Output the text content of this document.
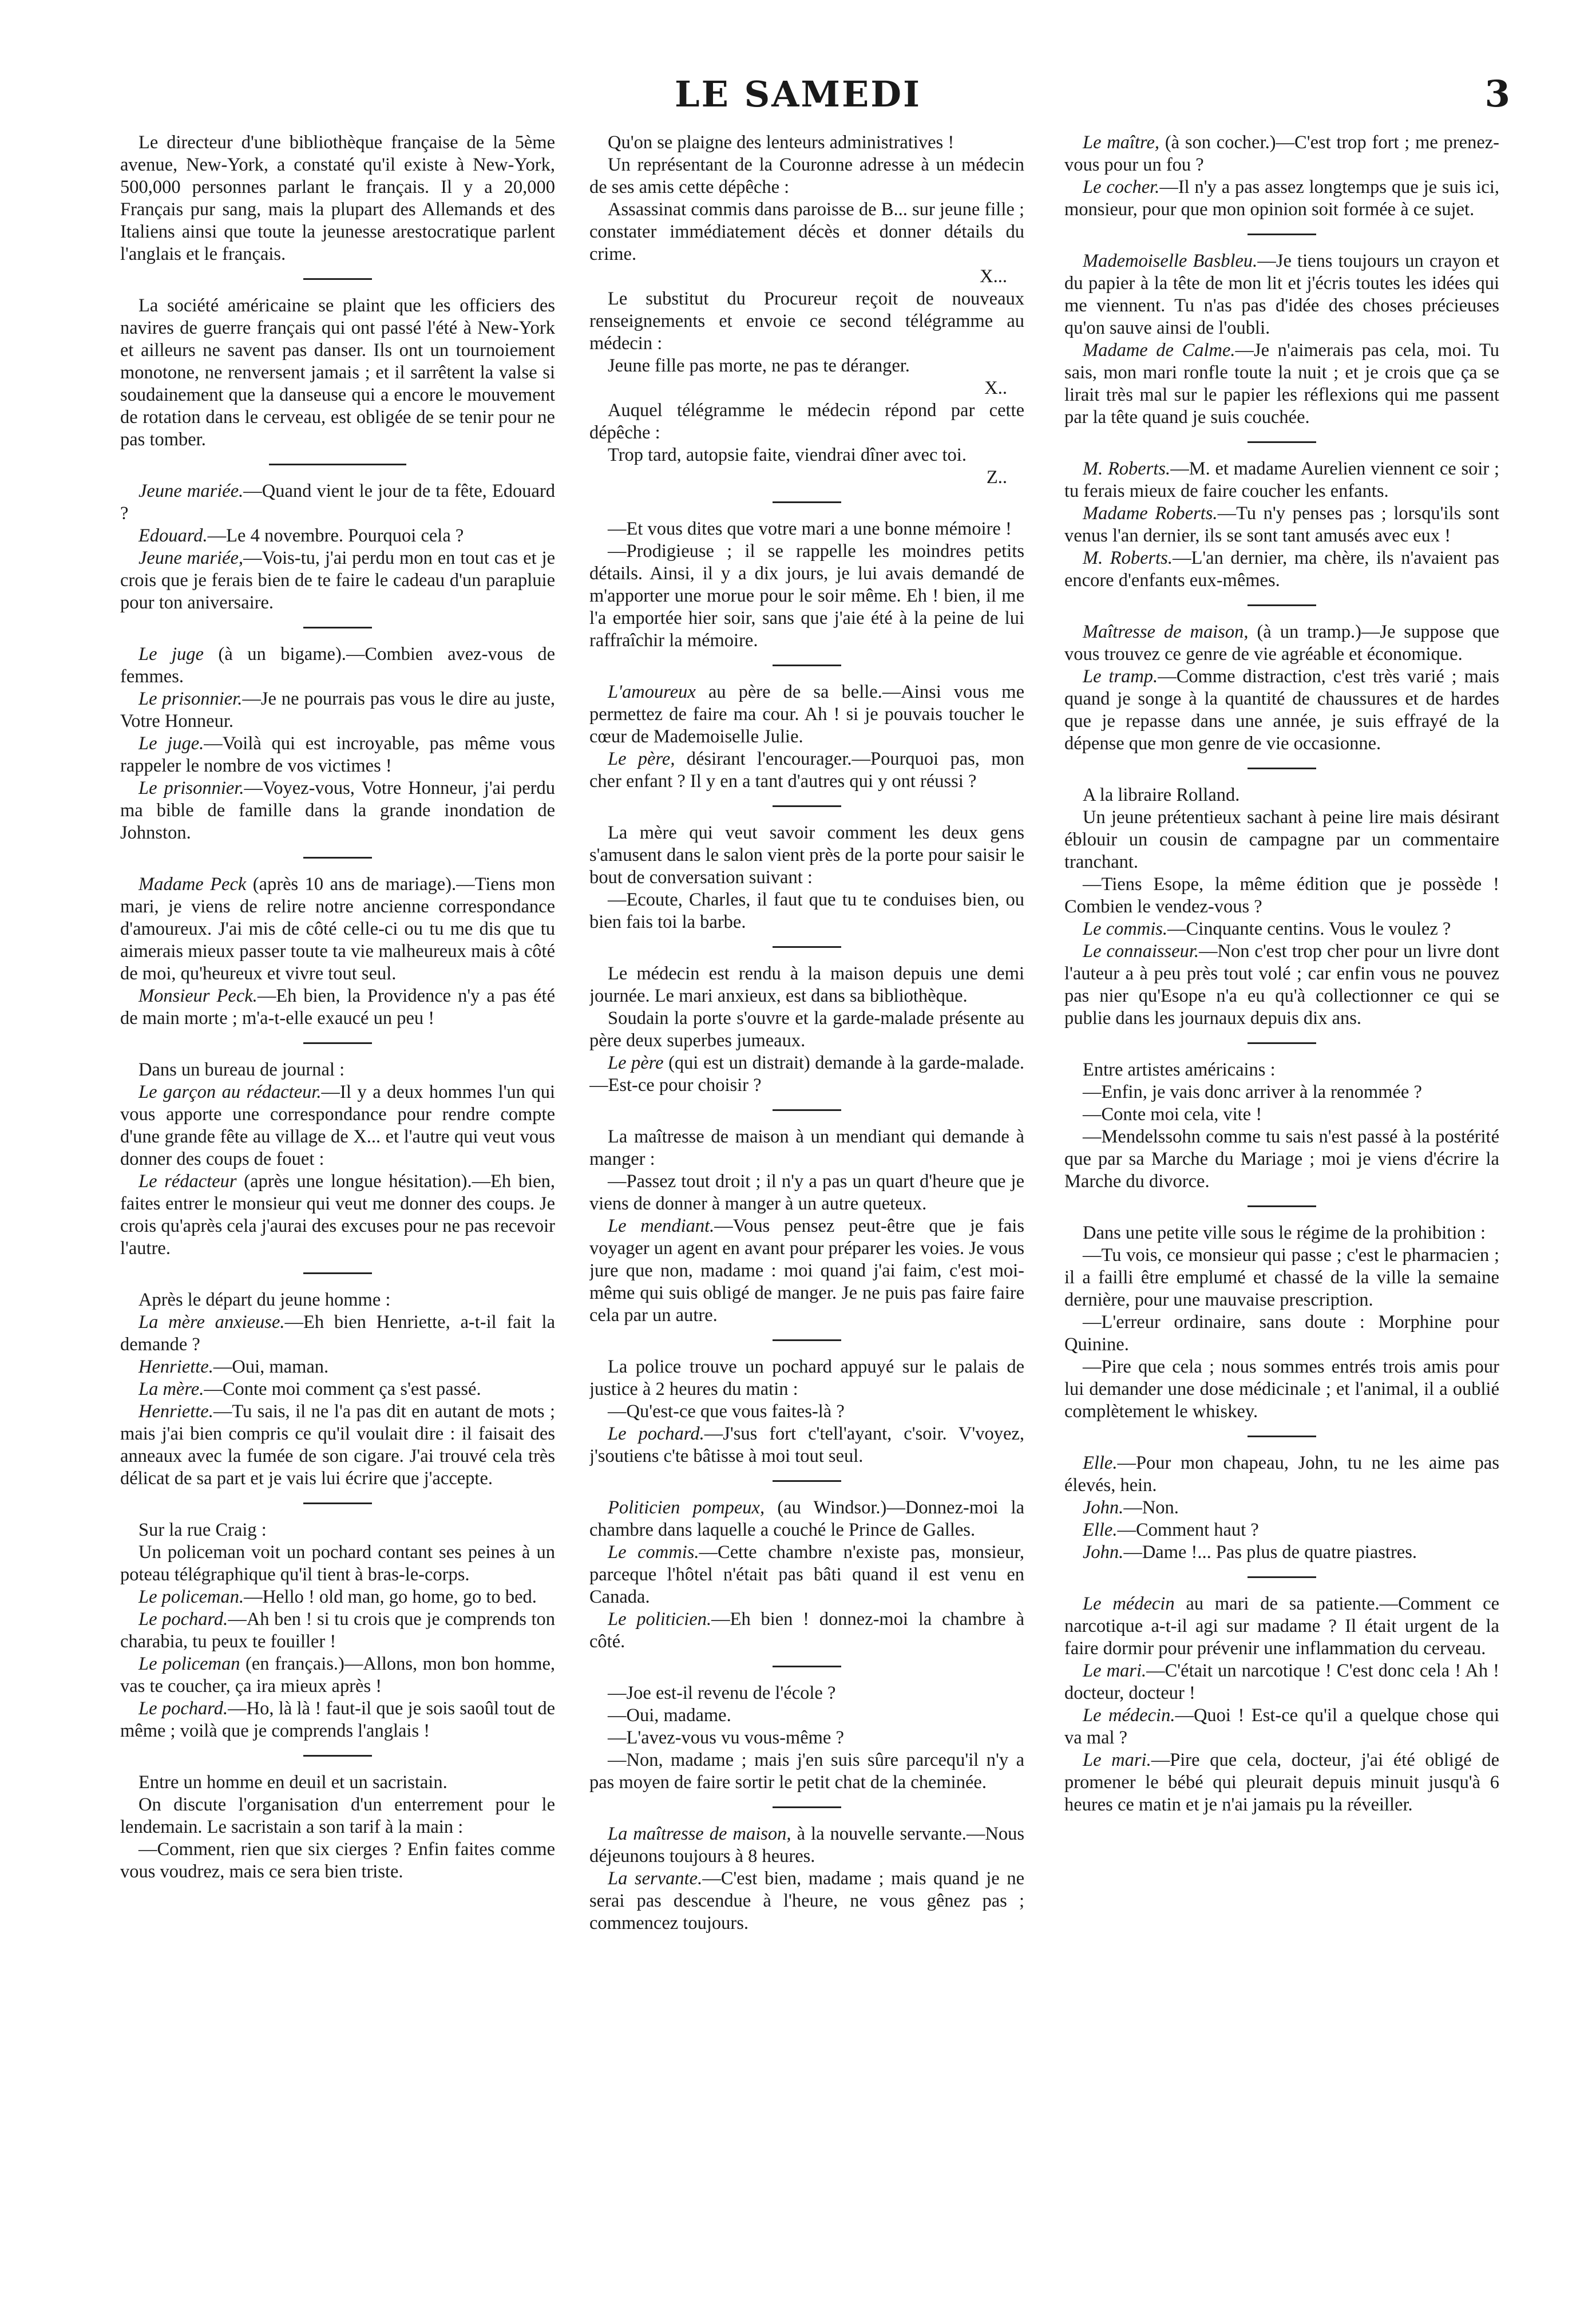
LE SAMEDI	3

Le directeur d'une bibliothèque française de la 5ème avenue, New-York, a constaté qu'il existe à New-York, 500,000 personnes parlant le français. Il y a 20,000 Français pur sang, mais la plupart des Allemands et des Italiens ainsi que toute la jeunesse arestocratique parlent l'anglais et le français.

La société américaine se plaint que les officiers des navires de guerre français qui ont passé l'été à New-York et ailleurs ne savent pas danser. Ils ont un tournoiement monotone, ne renversent jamais ; et il sarrêtent la valse si soudainement que la danseuse qui a encore le mouvement de rotation dans le cerveau, est obligée de se tenir pour ne pas tomber.

Jeune mariée.—Quand vient le jour de ta fête, Edouard ?

Edouard.—Le 4 novembre. Pourquoi cela ?

Jeune mariée,—Vois-tu, j'ai perdu mon en tout cas et je crois que je ferais bien de te faire le cadeau d'un parapluie pour ton aniversaire.

Le juge (à un bigame).—Combien avez-vous de femmes.

Le prisonnier.—Je ne pourrais pas vous le dire au juste, Votre Honneur.

Le juge.—Voilà qui est incroyable, pas même vous rappeler le nombre de vos victimes !

Le prisonnier.—Voyez-vous, Votre Honneur, j'ai perdu ma bible de famille dans la grande inondation de Johnston.

Madame Peck (après 10 ans de mariage).—Tiens mon mari, je viens de relire notre ancienne correspondance d'amoureux. J'ai mis de côté celle-ci ou tu me dis que tu aimerais mieux passer toute ta vie malheureux mais à côté de moi, qu'heureux et vivre tout seul.

Monsieur Peck.—Eh bien, la Providence n'y a pas été de main morte ; m'a-t-elle exaucé un peu !

Dans un bureau de journal :

Le garçon au rédacteur.—Il y a deux hommes l'un qui vous apporte une correspondance pour rendre compte d'une grande fête au village de X... et l'autre qui veut vous donner des coups de fouet :

Le rédacteur (après une longue hésitation).—Eh bien, faites entrer le monsieur qui veut me donner des coups. Je crois qu'après cela j'aurai des excuses pour ne pas recevoir l'autre.

Après le départ du jeune homme :

La mère anxieuse.—Eh bien Henriette, a-t-il fait la demande ?

Henriette.—Oui, maman.

La mère.—Conte moi comment ça s'est passé.

Henriette.—Tu sais, il ne l'a pas dit en autant de mots ; mais j'ai bien compris ce qu'il voulait dire : il faisait des anneaux avec la fumée de son cigare. J'ai trouvé cela très délicat de sa part et je vais lui écrire que j'accepte.

Sur la rue Craig :

Un policeman voit un pochard contant ses peines à un poteau télégraphique qu'il tient à bras-le-corps.

Le policeman.—Hello ! old man, go home, go to bed.

Le pochard.—Ah ben ! si tu crois que je comprends ton charabia, tu peux te fouiller !

Le policeman (en français.)—Allons, mon bon homme, vas te coucher, ça ira mieux après !

Le pochard.—Ho, là là ! faut-il que je sois saoûl tout de même ; voilà que je comprends l'anglais !

Entre un homme en deuil et un sacristain.

On discute l'organisation d'un enterrement pour le lendemain. Le sacristain a son tarif à la main :

—Comment, rien que six cierges ? Enfin faites comme vous voudrez, mais ce sera bien triste.

Qu'on se plaigne des lenteurs administratives !

Un représentant de la Couronne adresse à un médecin de ses amis cette dépêche :

Assassinat commis dans paroisse de B... sur jeune fille ; constater immédiatement décès et donner détails du crime.

X...

Le substitut du Procureur reçoit de nouveaux renseignements et envoie ce second télégramme au médecin :

Jeune fille pas morte, ne pas te déranger.

X..

Auquel télégramme le médecin répond par cette dépêche :

Trop tard, autopsie faite, viendrai dîner avec toi.

Z..

—Et vous dites que votre mari a une bonne mémoire !

—Prodigieuse ; il se rappelle les moindres petits détails. Ainsi, il y a dix jours, je lui avais demandé de m'apporter une morue pour le soir même. Eh ! bien, il me l'a emportée hier soir, sans que j'aie été à la peine de lui raffraîchir la mémoire.

L'amoureux au père de sa belle.—Ainsi vous me permettez de faire ma cour. Ah ! si je pouvais toucher le cœur de Mademoiselle Julie.

Le père, désirant l'encourager.—Pourquoi pas, mon cher enfant ? Il y en a tant d'autres qui y ont réussi ?

La mère qui veut savoir comment les deux gens s'amusent dans le salon vient près de la porte pour saisir le bout de conversation suivant :

—Ecoute, Charles, il faut que tu te conduises bien, ou bien fais toi la barbe.

Le médecin est rendu à la maison depuis une demi journée. Le mari anxieux, est dans sa bibliothèque.

Soudain la porte s'ouvre et la garde-malade présente au père deux superbes jumeaux.

Le père (qui est un distrait) demande à la garde-malade.—Est-ce pour choisir ?

La maîtresse de maison à un mendiant qui demande à manger :

—Passez tout droit ; il n'y a pas un quart d'heure que je viens de donner à manger à un autre queteux.

Le mendiant.—Vous pensez peut-être que je fais voyager un agent en avant pour préparer les voies. Je vous jure que non, madame : moi quand j'ai faim, c'est moi-même qui suis obligé de manger. Je ne puis pas faire faire cela par un autre.

La police trouve un pochard appuyé sur le palais de justice à 2 heures du matin :

—Qu'est-ce que vous faites-là ?

Le pochard.—J'sus fort c'tell'ayant, c'soir. V'voyez, j'soutiens c'te bâtisse à moi tout seul.

Politicien pompeux, (au Windsor.)—Donnez-moi la chambre dans laquelle a couché le Prince de Galles.

Le commis.—Cette chambre n'existe pas, monsieur, parceque l'hôtel n'était pas bâti quand il est venu en Canada.

Le politicien.—Eh bien ! donnez-moi la chambre à côté.

—Joe est-il revenu de l'école ?

—Oui, madame.

—L'avez-vous vu vous-même ?

—Non, madame ; mais j'en suis sûre parcequ'il n'y a pas moyen de faire sortir le petit chat de la cheminée.

La maîtresse de maison, à la nouvelle servante.—Nous déjeunons toujours à 8 heures.

La servante.—C'est bien, madame ; mais quand je ne serai pas descendue à l'heure, ne vous gênez pas ; commencez toujours.

Le maître, (à son cocher.)—C'est trop fort ; me prenez-vous pour un fou ?

Le cocher.—Il n'y a pas assez longtemps que je suis ici, monsieur, pour que mon opinion soit formée à ce sujet.

Mademoiselle Basbleu.—Je tiens toujours un crayon et du papier à la tête de mon lit et j'écris toutes les idées qui me viennent. Tu n'as pas d'idée des choses précieuses qu'on sauve ainsi de l'oubli.

Madame de Calme.—Je n'aimerais pas cela, moi. Tu sais, mon mari ronfle toute la nuit ; et je crois que ça se lirait très mal sur le papier les réflexions qui me passent par la tête quand je suis couchée.

M. Roberts.—M. et madame Aurelien viennent ce soir ; tu ferais mieux de faire coucher les enfants.

Madame Roberts.—Tu n'y penses pas ; lorsqu'ils sont venus l'an dernier, ils se sont tant amusés avec eux !

M. Roberts.—L'an dernier, ma chère, ils n'avaient pas encore d'enfants eux-mêmes.

Maîtresse de maison, (à un tramp.)—Je suppose que vous trouvez ce genre de vie agréable et économique.

Le tramp.—Comme distraction, c'est très varié ; mais quand je songe à la quantité de chaussures et de hardes que je repasse dans une année, je suis effrayé de la dépense que mon genre de vie occasionne.

A la libraire Rolland.

Un jeune prétentieux sachant à peine lire mais désirant éblouir un cousin de campagne par un commentaire tranchant.

—Tiens Esope, la même édition que je possède ! Combien le vendez-vous ?

Le commis.—Cinquante centins. Vous le voulez ?

Le connaisseur.—Non c'est trop cher pour un livre dont l'auteur a à peu près tout volé ; car enfin vous ne pouvez pas nier qu'Esope n'a eu qu'à collectionner ce qui se publie dans les journaux depuis dix ans.

Entre artistes américains :

—Enfin, je vais donc arriver à la renommée ?

—Conte moi cela, vite !

—Mendelssohn comme tu sais n'est passé à la postérité que par sa Marche du Mariage ; moi je viens d'écrire la Marche du divorce.

Dans une petite ville sous le régime de la prohibition :

—Tu vois, ce monsieur qui passe ; c'est le pharmacien ; il a failli être emplumé et chassé de la ville la semaine dernière, pour une mauvaise prescription.

—L'erreur ordinaire, sans doute : Morphine pour Quinine.

—Pire que cela ; nous sommes entrés trois amis pour lui demander une dose médicinale ; et l'animal, il a oublié complètement le whiskey.

Elle.—Pour mon chapeau, John, tu ne les aime pas élevés, hein.

John.—Non.

Elle.—Comment haut ?

John.—Dame !... Pas plus de quatre piastres.

Le médecin au mari de sa patiente.—Comment ce narcotique a-t-il agi sur madame ? Il était urgent de la faire dormir pour prévenir une inflammation du cerveau.

Le mari.—C'était un narcotique ! C'est donc cela ! Ah ! docteur, docteur !

Le médecin.—Quoi ! Est-ce qu'il a quelque chose qui va mal ?

Le mari.—Pire que cela, docteur, j'ai été obligé de promener le bébé qui pleurait depuis minuit jusqu'à 6 heures ce matin et je n'ai jamais pu la réveiller.
